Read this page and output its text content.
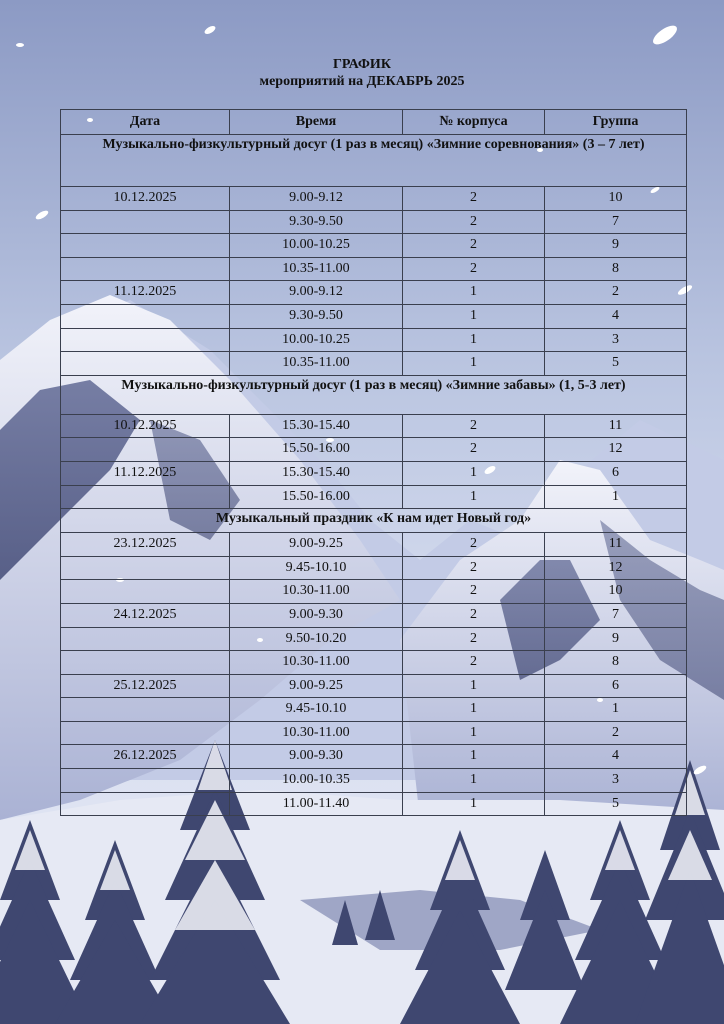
ГРАФИК
мероприятий на ДЕКАБРЬ 2025
Дата	Время	№ корпуса	Группа
Музыкально-физкультурный досуг (1 раз в месяц) «Зимние соревнования» (3 – 7 лет)			
10.12.2025	9.00-9.12	2	10
	9.30-9.50	2	7
	10.00-10.25	2	9
	10.35-11.00	2	8
11.12.2025	9.00-9.12	1	2
	9.30-9.50	1	4
	10.00-10.25	1	3
	10.35-11.00	1	5
Музыкально-физкультурный досуг (1 раз в месяц) «Зимние забавы» (1, 5-3 лет)			
10.12.2025	15.30-15.40	2	11
	15.50-16.00	2	12
11.12.2025	15.30-15.40	1	6
	15.50-16.00	1	1
Музыкальный праздник «К нам идет Новый год»			
23.12.2025	9.00-9.25	2	11
	9.45-10.10	2	12
	10.30-11.00	2	10
24.12.2025	9.00-9.30	2	7
	9.50-10.20	2	9
	10.30-11.00	2	8
25.12.2025	9.00-9.25	1	6
	9.45-10.10	1	1
	10.30-11.00	1	2
26.12.2025	9.00-9.30	1	4
	10.00-10.35	1	3
	11.00-11.40	1	5
